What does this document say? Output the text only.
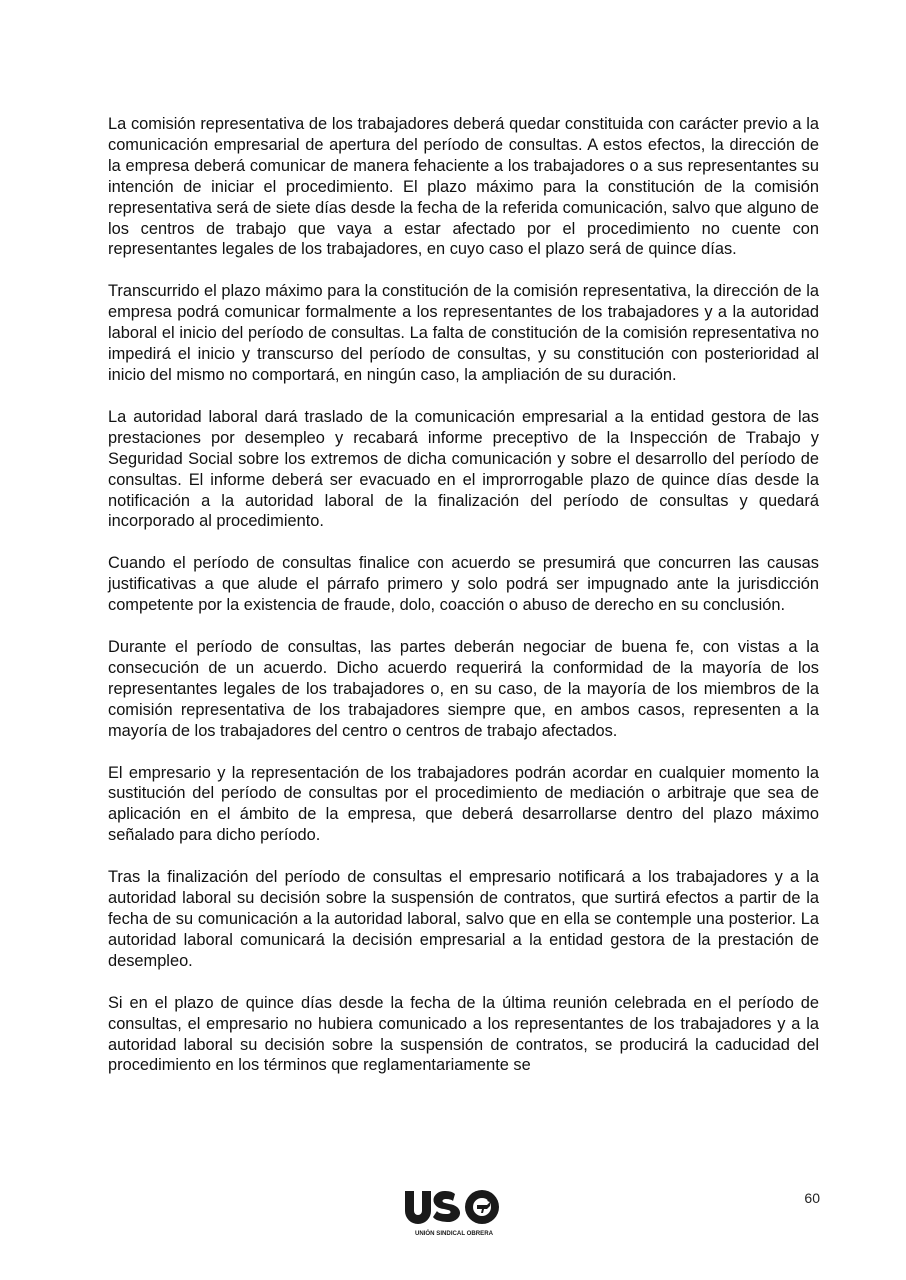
La comisión representativa de los trabajadores deberá quedar constituida con carácter previo a la comunicación empresarial de apertura del período de consultas. A estos efectos, la dirección de la empresa deberá comunicar de manera fehaciente a los trabajadores o a sus representantes su intención de iniciar el procedimiento. El plazo máximo para la constitución de la comisión representativa será de siete días desde la fecha de la referida comunicación, salvo que alguno de los centros de trabajo que vaya a estar afectado por el procedimiento no cuente con representantes legales de los trabajadores, en cuyo caso el plazo será de quince días.

Transcurrido el plazo máximo para la constitución de la comisión representativa, la dirección de la empresa podrá comunicar formalmente a los representantes de los trabajadores y a la autoridad laboral el inicio del período de consultas. La falta de constitución de la comisión representativa no impedirá el inicio y transcurso del período de consultas, y su constitución con posterioridad al inicio del mismo no comportará, en ningún caso, la ampliación de su duración.

La autoridad laboral dará traslado de la comunicación empresarial a la entidad gestora de las prestaciones por desempleo y recabará informe preceptivo de la Inspección de Trabajo y Seguridad Social sobre los extremos de dicha comunicación y sobre el desarrollo del período de consultas. El informe deberá ser evacuado en el improrrogable plazo de quince días desde la notificación a la autoridad laboral de la finalización del período de consultas y quedará incorporado al procedimiento.

Cuando el período de consultas finalice con acuerdo se presumirá que concurren las causas justificativas a que alude el párrafo primero y solo podrá ser impugnado ante la jurisdicción competente por la existencia de fraude, dolo, coacción o abuso de derecho en su conclusión.

Durante el período de consultas, las partes deberán negociar de buena fe, con vistas a la consecución de un acuerdo. Dicho acuerdo requerirá la conformidad de la mayoría de los representantes legales de los trabajadores o, en su caso, de la mayoría de los miembros de la comisión representativa de los trabajadores siempre que, en ambos casos, representen a la mayoría de los trabajadores del centro o centros de trabajo afectados.

El empresario y la representación de los trabajadores podrán acordar en cualquier momento la sustitución del período de consultas por el procedimiento de mediación o arbitraje que sea de aplicación en el ámbito de la empresa, que deberá desarrollarse dentro del plazo máximo señalado para dicho período.

Tras la finalización del período de consultas el empresario notificará a los trabajadores y a la autoridad laboral su decisión sobre la suspensión de contratos, que surtirá efectos a partir de la fecha de su comunicación a la autoridad laboral, salvo que en ella se contemple una posterior. La autoridad laboral comunicará la decisión empresarial a la entidad gestora de la prestación de desempleo.

Si en el plazo de quince días desde la fecha de la última reunión celebrada en el período de consultas, el empresario no hubiera comunicado a los representantes de los trabajadores y a la autoridad laboral su decisión sobre la suspensión de contratos, se producirá la caducidad del procedimiento en los términos que reglamentariamente se

60
UNIÓN SINDICAL OBRERA
